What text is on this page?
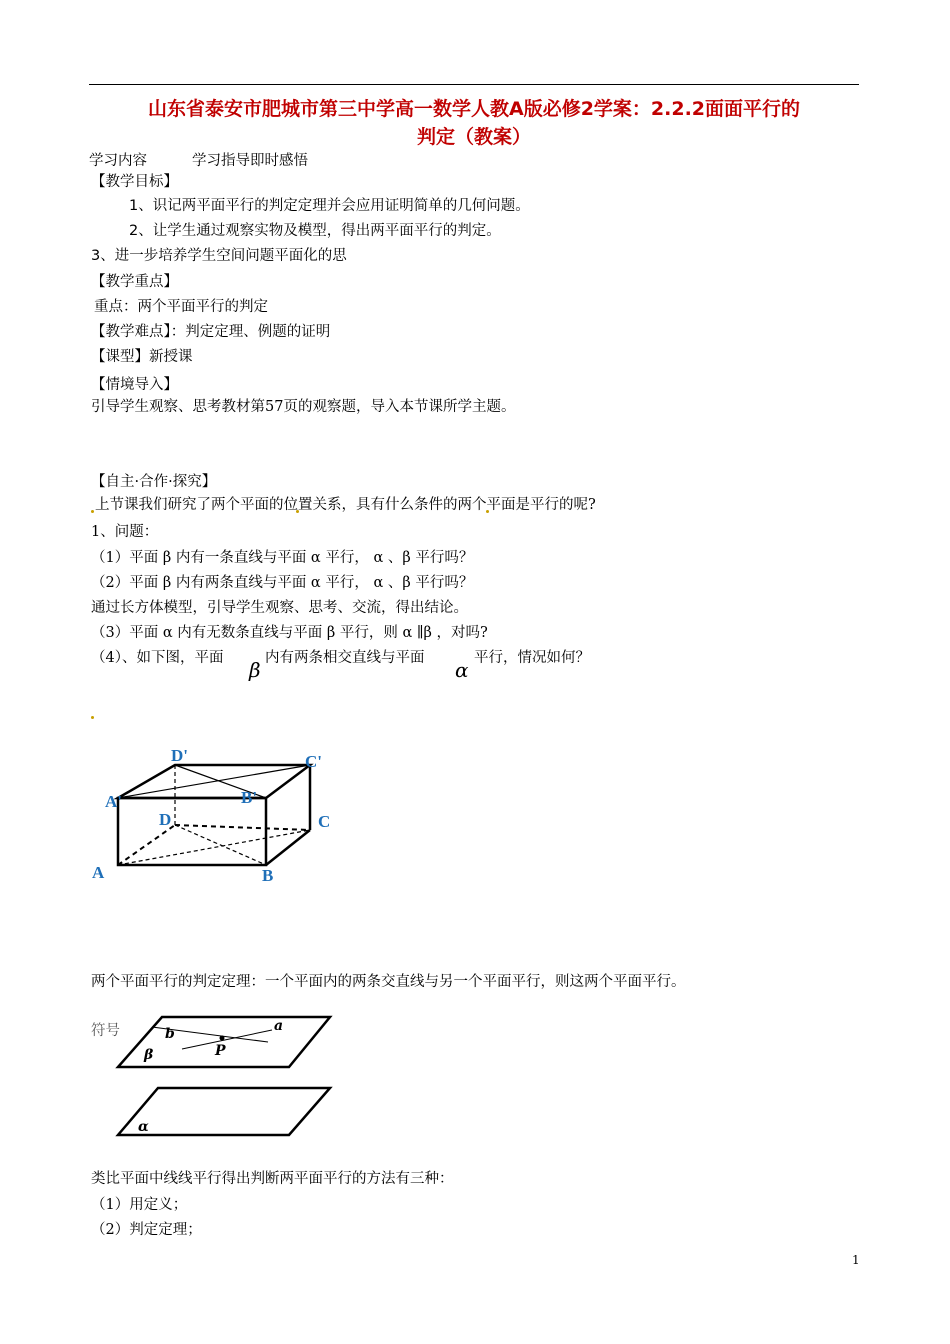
山东省泰安市肥城市第三中学高一数学人教A版必修2学案：2.2.2面面平行的
判定（教案）
学习内容	学习指导即时感悟
【教学目标】
1、识记两平面平行的判定定理并会应用证明简单的几何问题。
2、让学生通过观察实物及模型，得出两平面平行的判定。
3、进一步培养学生空间问题平面化的思
【教学重点】
重点：两个平面平行的判定
【教学难点】：判定定理、例题的证明
【课型】新授课
【情境导入】
引导学生观察、思考教材第57页的观察题，导入本节课所学主题。
【自主·合作·探究】
上节课我们研究了两个平面的位置关系，具有什么条件的两个平面是平行的呢?
1、问题：
（1）平面 β 内有一条直线与平面 α 平行， α 、β 平行吗？
（2）平面 β 内有两条直线与平面 α 平行， α 、β 平行吗？
通过长方体模型，引导学生观察、思考、交流，得出结论。
（3）平面 α 内有无数条直线与平面 β 平行，则 α ∥β ，对吗?
（4）、如下图，平面 β 内有两条相交直线与平面 α 平行，情况如何？
D'	C'
A'	B'
D	C
A	B
两个平面平行的判定定理：一个平面内的两条交直线与另一个平面平行，则这两个平面平行。
符号	a
b
P
β
α
类比平面中线线平行得出判断两平面平行的方法有三种：
（1）用定义；
（2）判定定理；
1
